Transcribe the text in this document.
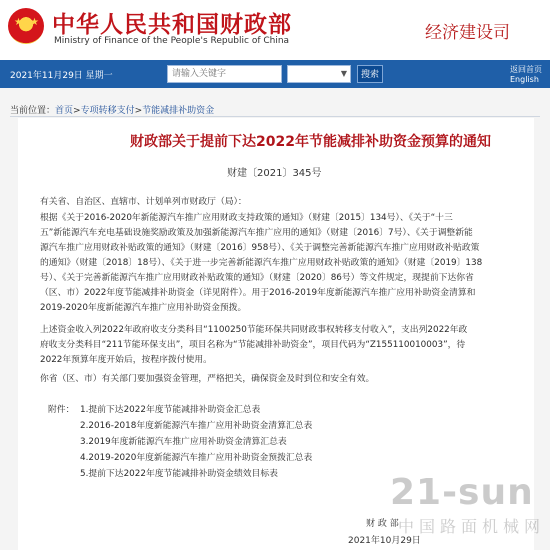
★★★ 中华人民共和国财政部
Ministry of Finance of the People's Republic of China	经济建设司
2021年11月29日 星期一
请输入关键字	▼	搜索
返回首页
English
当前位置：首页>专项转移支付>节能减排补助资金
财政部关于提前下达2022年节能减排补助资金预算的通知
财建〔2021〕345号
有关省、自治区、直辖市、计划单列市财政厅（局）：
根据《关于2016-2020年新能源汽车推广应用财政支持政策的通知》（财建〔2015〕134号）、《关于“十三
五”新能源汽车充电基础设施奖励政策及加强新能源汽车推广应用的通知》（财建〔2016〕7号）、《关于调整新能
源汽车推广应用财政补贴政策的通知》（财建〔2016〕958号）、《关于调整完善新能源汽车推广应用财政补贴政策
的通知》（财建〔2018〕18号）、《关于进一步完善新能源汽车推广应用财政补贴政策的通知》（财建〔2019〕138
号）、《关于完善新能源汽车推广应用财政补贴政策的通知》（财建〔2020〕86号）等文件规定，现提前下达你省
（区、市）2022年度节能减排补助资金（详见附件）。用于2016-2019年度新能源汽车推广应用补助资金清算和
2019-2020年度新能源汽车推广应用补助资金预拨。
上述资金收入列2022年政府收支分类科目“1100250节能环保共同财政事权转移支付收入”，支出列2022年政
府收支分类科目“211节能环保支出”，项目名称为“节能减排补助资金”，项目代码为“Z155110010003”，待
2022年预算年度开始后，按程序拨付使用。
你省（区、市）有关部门要加强资金管理，严格把关，确保资金及时到位和安全有效。
附件： 1.提前下达2022年度节能减排补助资金汇总表
2.2016-2018年度新能源汽车推广应用补助资金清算汇总表
3.2019年度新能源汽车推广应用补助资金清算汇总表
4.2019-2020年度新能源汽车推广应用补助资金预拨汇总表
5.提前下达2022年度节能减排补助资金绩效目标表
财 政 部
2021年10月29日
21-sun
中国路面机械网
